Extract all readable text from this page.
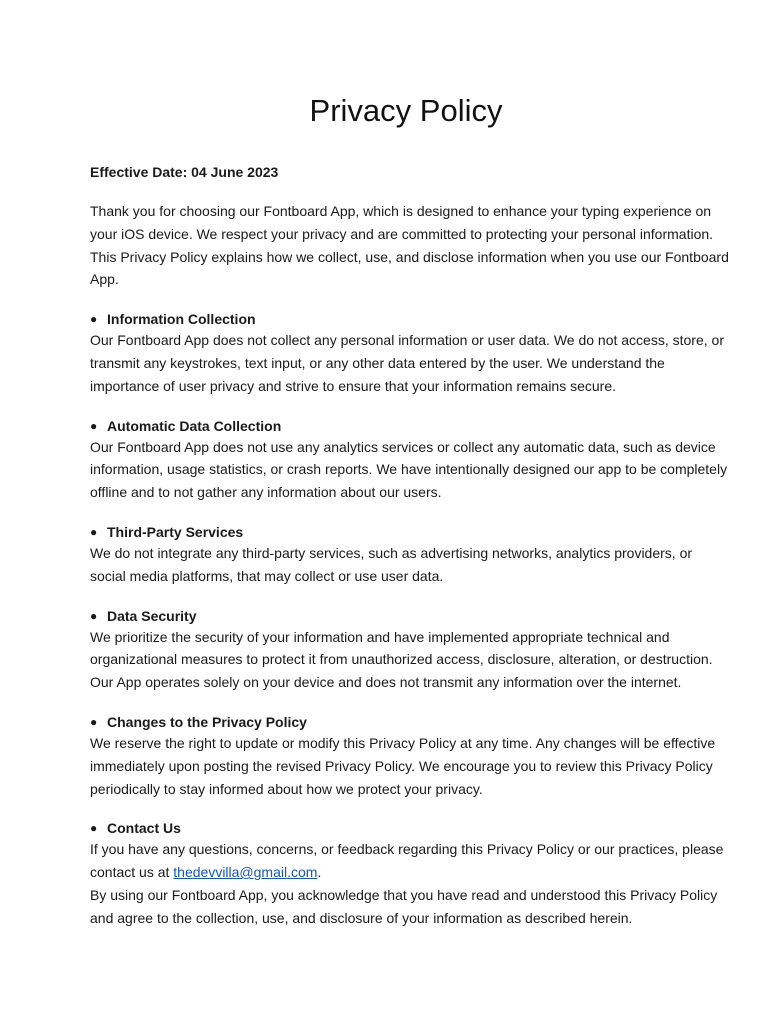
Privacy Policy

Effective Date: 04 June 2023

Thank you for choosing our Fontboard App, which is designed to enhance your typing experience on your iOS device. We respect your privacy and are committed to protecting your personal information. This Privacy Policy explains how we collect, use, and disclose information when you use our Fontboard App.

● Information Collection

Our Fontboard App does not collect any personal information or user data. We do not access, store, or transmit any keystrokes, text input, or any other data entered by the user. We understand the importance of user privacy and strive to ensure that your information remains secure.

● Automatic Data Collection

Our Fontboard App does not use any analytics services or collect any automatic data, such as device information, usage statistics, or crash reports. We have intentionally designed our app to be completely offline and to not gather any information about our users.

● Third-Party Services

We do not integrate any third-party services, such as advertising networks, analytics providers, or social media platforms, that may collect or use user data.

● Data Security

We prioritize the security of your information and have implemented appropriate technical and organizational measures to protect it from unauthorized access, disclosure, alteration, or destruction. Our App operates solely on your device and does not transmit any information over the internet.

● Changes to the Privacy Policy

We reserve the right to update or modify this Privacy Policy at any time. Any changes will be effective immediately upon posting the revised Privacy Policy. We encourage you to review this Privacy Policy periodically to stay informed about how we protect your privacy.

● Contact Us

If you have any questions, concerns, or feedback regarding this Privacy Policy or our practices, please contact us at thedevvilla@gmail.com.

By using our Fontboard App, you acknowledge that you have read and understood this Privacy Policy and agree to the collection, use, and disclosure of your information as described herein.
